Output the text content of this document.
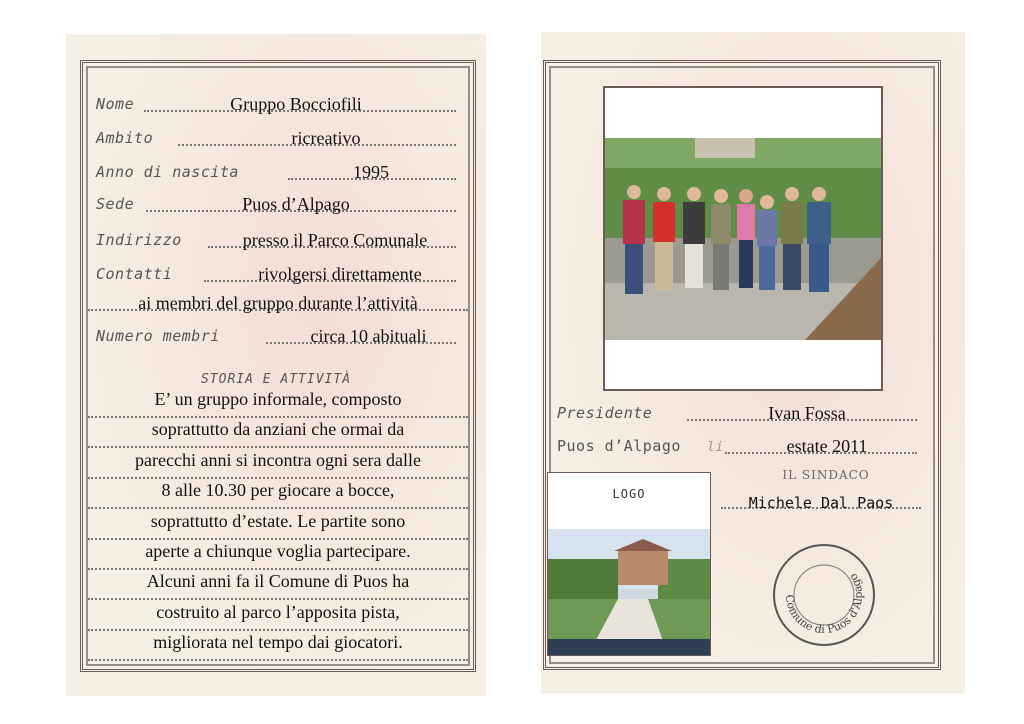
Nome	Gruppo Bocciofili
Ambito	ricreativo
Anno di nascita	1995
Sede	Puos d’Alpago
Indirizzo	presso il Parco Comunale
Contatti	rivolgersi direttamente
ai membri del gruppo durante l’attività
Numero membri	circa 10 abituali
STORIA E ATTIVITÀ
E’ un gruppo informale, composto
soprattutto da anziani che ormai da
parecchi anni si incontra ogni sera dalle
8 alle 10.30 per giocare a bocce,
soprattutto d’estate. Le partite sono
aperte a chiunque voglia partecipare.
Alcuni anni fa il Comune di Puos ha
costruito al parco l’apposita pista,
migliorata nel tempo dai giocatori.
Presidente	Ivan Fossa
Puos d’Alpago li	estate 2011
IL SINDACO
Michele Dal Paos
LOGO
Comune di Puos d'Alpago
